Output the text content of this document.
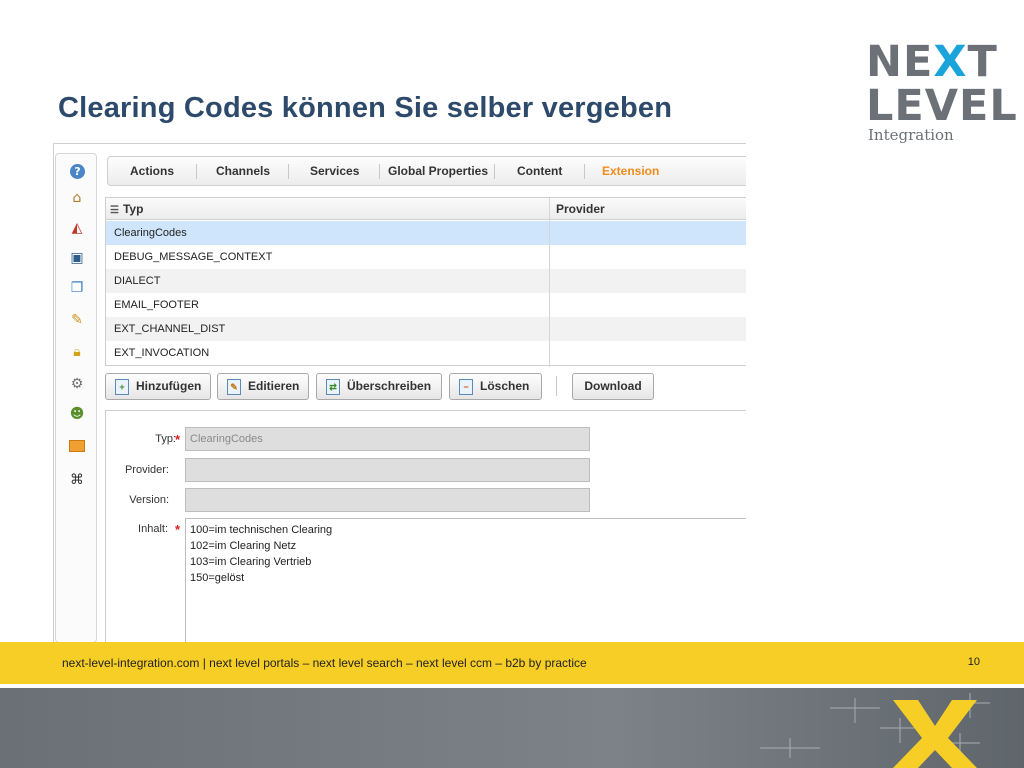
Clearing Codes können Sie selber vergeben
NEXT
LEVEL
Integration
?
⌂
◭
▣
❐
✎
🔒︎
⚙
☻
⌘
Actions	Channels	Services Global Properties Content	Extension
☰ Typ	Provider
ClearingCodes
DEBUG_MESSAGE_CONTEXT
DIALECT
EMAIL_FOOTER
EXT_CHANNEL_DIST
EXT_INVOCATION
+ Hinzufügen	✎ Editieren	⇄ Überschreiben	− Löschen	Download
Typ: * ClearingCodes
Provider:
Version:
Inhalt: * 100=im technischen Clearing
102=im Clearing Netz
103=im Clearing Vertrieb
150=gelöst
next-level-integration.com | next level portals – next level search – next level ccm – b2b by practice	10
